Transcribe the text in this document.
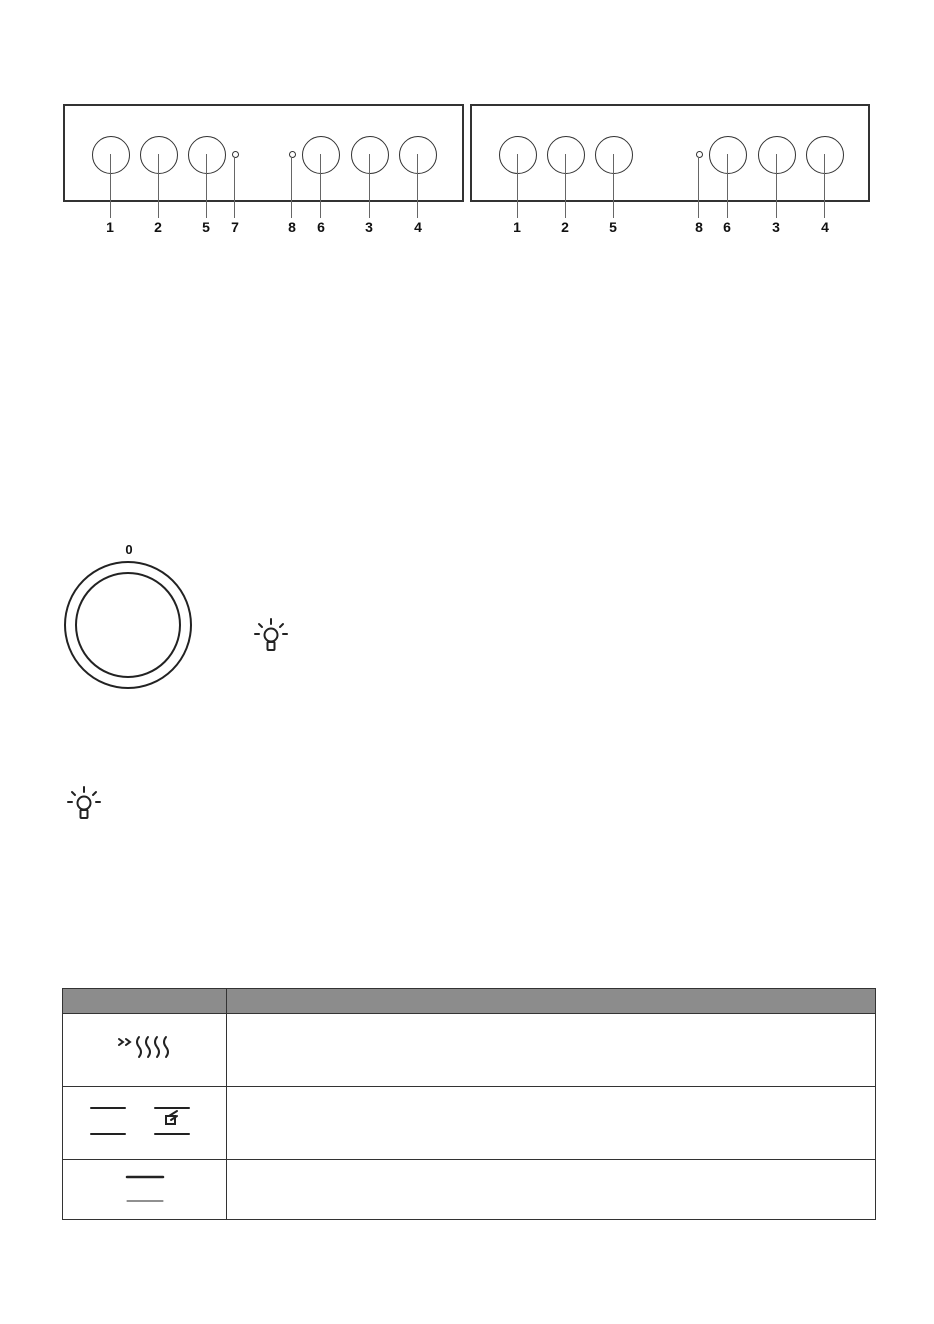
1	2	5	7	8	6	3	4	1	2	5	8	6	3	4
0
